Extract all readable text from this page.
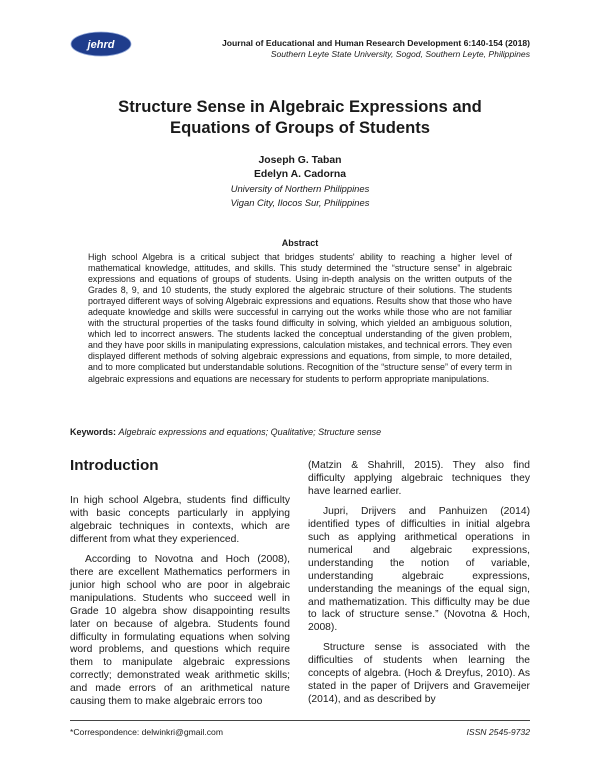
jehrd	Journal of Educational and Human Research Development 6:140-154 (2018)
Southern Leyte State University, Sogod, Southern Leyte, Philippines
Structure Sense in Algebraic Expressions and
Equations of Groups of Students
Joseph G. Taban
Edelyn A. Cadorna
University of Northern Philippines
Vigan City, Ilocos Sur, Philippines
Abstract
High school Algebra is a critical subject that bridges students' ability to reaching a higher level of mathematical knowledge, attitudes, and skills. This study determined the “structure sense” in algebraic expressions and equations of groups of students. Using in-depth analysis on the written outputs of the Grades 8, 9, and 10 students, the study explored the algebraic structure of their solutions. The students portrayed different ways of solving Algebraic expressions and equations. Results show that those who have adequate knowledge and skills were successful in carrying out the works while those who are not familiar with the structural properties of the tasks found difficulty in solving, which yielded an ambiguous solution, which led to incorrect answers. The students lacked the conceptual understanding of the given problem, and they have poor skills in manipulating expressions, calculation mistakes, and technical errors. They even displayed different methods of solving algebraic expressions and equations, from simple, to more detailed, and to more complicated but understandable solutions. Recognition of the “structure sense” of every term in algebraic expressions and equations are necessary for students to perform appropriate manipulations.
Keywords: Algebraic expressions and equations; Qualitative; Structure sense
Introduction

In high school Algebra, students find difficulty with basic concepts particularly in applying algebraic techniques in contexts, which are different from what they experienced.

According to Novotna and Hoch (2008), there are excellent Mathematics performers in junior high school who are poor in algebraic manipulations. Students who succeed well in Grade 10 algebra show disappointing results later on because of algebra. Students found difficulty in formulating equations when solving word problems, and questions which require them to manipulate algebraic expressions correctly; demonstrated weak arithmetic skills; and made errors of an arithmetical nature causing them to make algebraic errors too

(Matzin & Shahrill, 2015). They also find difficulty applying algebraic techniques they have learned earlier.

Jupri, Drijvers and Panhuizen (2014) identified types of difficulties in initial algebra such as applying arithmetical operations in numerical and algebraic expressions, understanding the notion of variable, understanding algebraic expressions, understanding the meanings of the equal sign, and mathematization. This difficulty may be due to lack of structure sense.” (Novotna & Hoch, 2008).

Structure sense is associated with the difficulties of students when learning the concepts of algebra. (Hoch & Dreyfus, 2010). As stated in the paper of Drijvers and Gravemeijer (2014), and as described by

*Correspondence: delwinkri@gmail.com	ISSN 2545-9732
